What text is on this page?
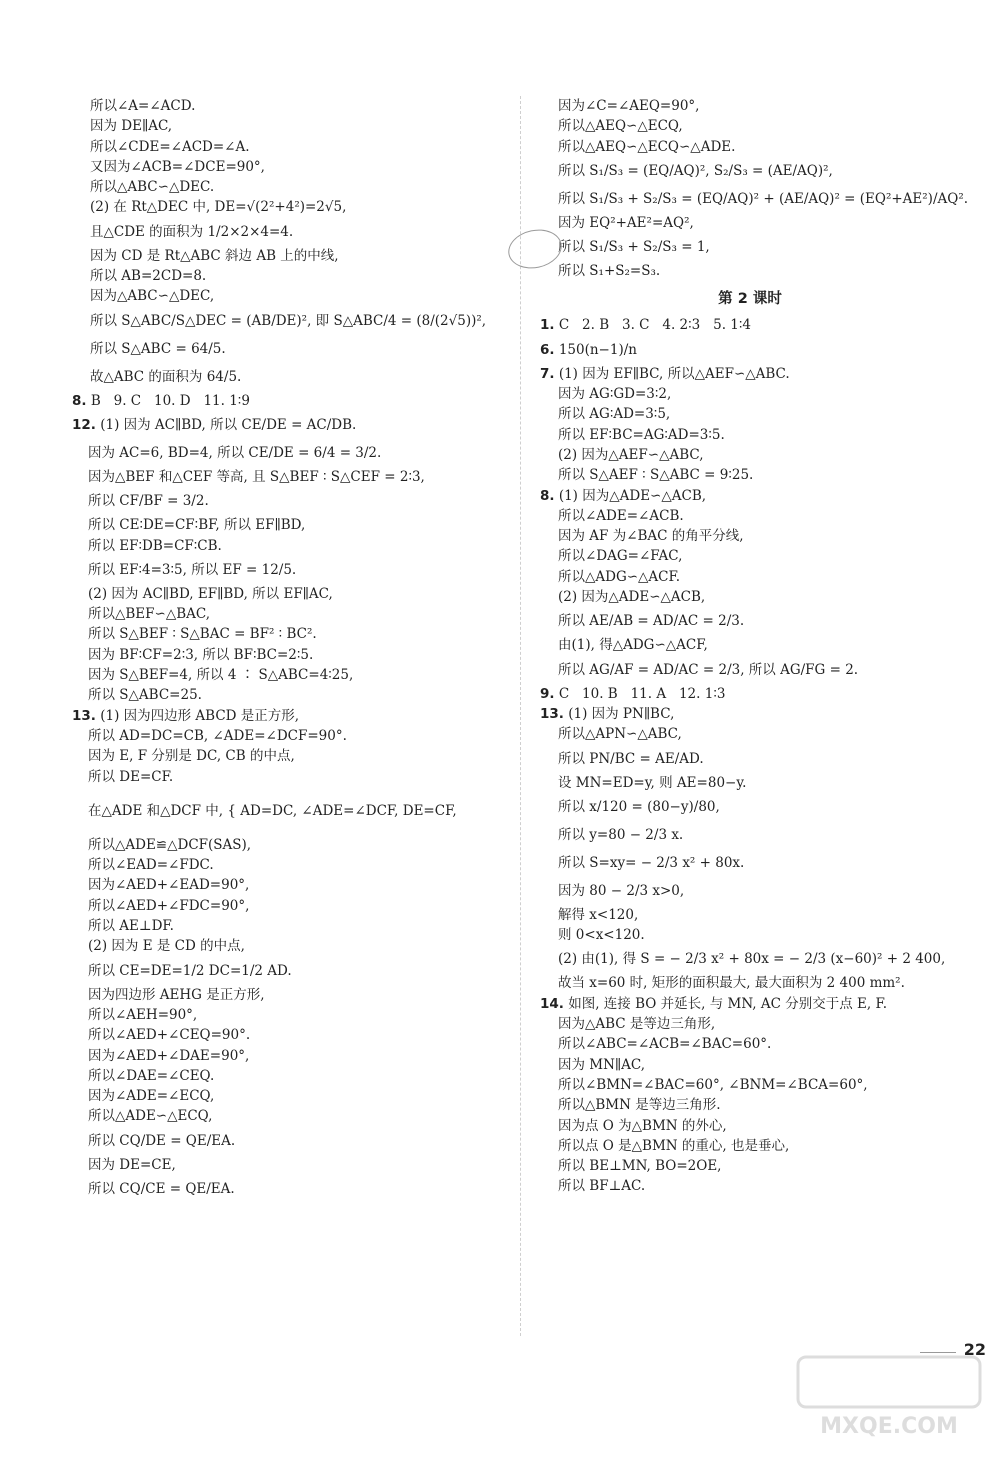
所以∠A=∠ACD.
因为 DE∥AC,
所以∠CDE=∠ACD=∠A.
又因为∠ACB=∠DCE=90°,
所以△ABC∽△DEC.
(2) 在 Rt△DEC 中, DE=√(2²+4²)=2√5,
且△CDE 的面积为 1/2×2×4=4.
因为 CD 是 Rt△ABC 斜边 AB 上的中线,
所以 AB=2CD=8.
因为△ABC∽△DEC,
所以 S△ABC/S△DEC = (AB/DE)², 即 S△ABC/4 = (8/(2√5))²,
所以 S△ABC = 64/5.
故△ABC 的面积为 64/5.
8. B   9. C   10. D   11. 1∶9
12. (1) 因为 AC∥BD, 所以 CE/DE = AC/DB.
因为 AC=6, BD=4, 所以 CE/DE = 6/4 = 3/2.
因为△BEF 和△CEF 等高, 且 S△BEF ∶ S△CEF = 2∶3,
所以 CF/BF = 3/2.
所以 CE∶DE=CF∶BF, 所以 EF∥BD,
所以 EF∶DB=CF∶CB.
所以 EF∶4=3∶5, 所以 EF = 12/5.
(2) 因为 AC∥BD, EF∥BD, 所以 EF∥AC,
所以△BEF∽△BAC,
所以 S△BEF ∶ S△BAC = BF² ∶ BC².
因为 BF∶CF=2∶3, 所以 BF∶BC=2∶5.
因为 S△BEF=4, 所以 4 ∶ S△ABC=4∶25,
所以 S△ABC=25.
13. (1) 因为四边形 ABCD 是正方形,
所以 AD=DC=CB, ∠ADE=∠DCF=90°.
因为 E, F 分别是 DC, CB 的中点,
所以 DE=CF.
在△ADE 和△DCF 中, { AD=DC, ∠ADE=∠DCF, DE=CF,
所以△ADE≌△DCF(SAS),
所以∠EAD=∠FDC.
因为∠AED+∠EAD=90°,
所以∠AED+∠FDC=90°,
所以 AE⊥DF.
(2) 因为 E 是 CD 的中点,
所以 CE=DE=1/2 DC=1/2 AD.
因为四边形 AEHG 是正方形,
所以∠AEH=90°,
所以∠AED+∠CEQ=90°.
因为∠AED+∠DAE=90°,
所以∠DAE=∠CEQ.
因为∠ADE=∠ECQ,
所以△ADE∽△ECQ,
所以 CQ/DE = QE/EA.
因为 DE=CE,
所以 CQ/CE = QE/EA.
因为∠C=∠AEQ=90°,
所以△AEQ∽△ECQ,
所以△AEQ∽△ECQ∽△ADE.
所以 S₁/S₃ = (EQ/AQ)², S₂/S₃ = (AE/AQ)²,
所以 S₁/S₃ + S₂/S₃ = (EQ/AQ)² + (AE/AQ)² = (EQ²+AE²)/AQ².
因为 EQ²+AE²=AQ²,
所以 S₁/S₃ + S₂/S₃ = 1,
所以 S₁+S₂=S₃.
第 2 课时
1. C   2. B   3. C   4. 2∶3   5. 1∶4
6. 150(n−1)/n
7. (1) 因为 EF∥BC, 所以△AEF∽△ABC.
因为 AG∶GD=3∶2,
所以 AG∶AD=3∶5,
所以 EF∶BC=AG∶AD=3∶5.
(2) 因为△AEF∽△ABC,
所以 S△AEF ∶ S△ABC = 9∶25.
8. (1) 因为△ADE∽△ACB,
所以∠ADE=∠ACB.
因为 AF 为∠BAC 的角平分线,
所以∠DAG=∠FAC,
所以△ADG∽△ACF.
(2) 因为△ADE∽△ACB,
所以 AE/AB = AD/AC = 2/3.
由(1), 得△ADG∽△ACF,
所以 AG/AF = AD/AC = 2/3, 所以 AG/FG = 2.
9. C   10. B   11. A   12. 1∶3
13. (1) 因为 PN∥BC,
所以△APN∽△ABC,
所以 PN/BC = AE/AD.
设 MN=ED=y, 则 AE=80−y.
所以 x/120 = (80−y)/80,
所以 y=80 − 2/3 x.
所以 S=xy= − 2/3 x² + 80x.
因为 80 − 2/3 x>0,
解得 x<120,
则 0<x<120.
(2) 由(1), 得 S = − 2/3 x² + 80x = − 2/3 (x−60)² + 2 400,
故当 x=60 时, 矩形的面积最大, 最大面积为 2 400 mm².
14. 如图, 连接 BO 并延长, 与 MN, AC 分别交于点 E, F.
因为△ABC 是等边三角形,
所以∠ABC=∠ACB=∠BAC=60°.
因为 MN∥AC,
所以∠BMN=∠BAC=60°, ∠BNM=∠BCA=60°,
所以△BMN 是等边三角形.
因为点 O 为△BMN 的外心,
所以点 O 是△BMN 的重心, 也是垂心,
所以 BE⊥MN, BO=2OE,
所以 BF⊥AC.
22
MXQE.COM
